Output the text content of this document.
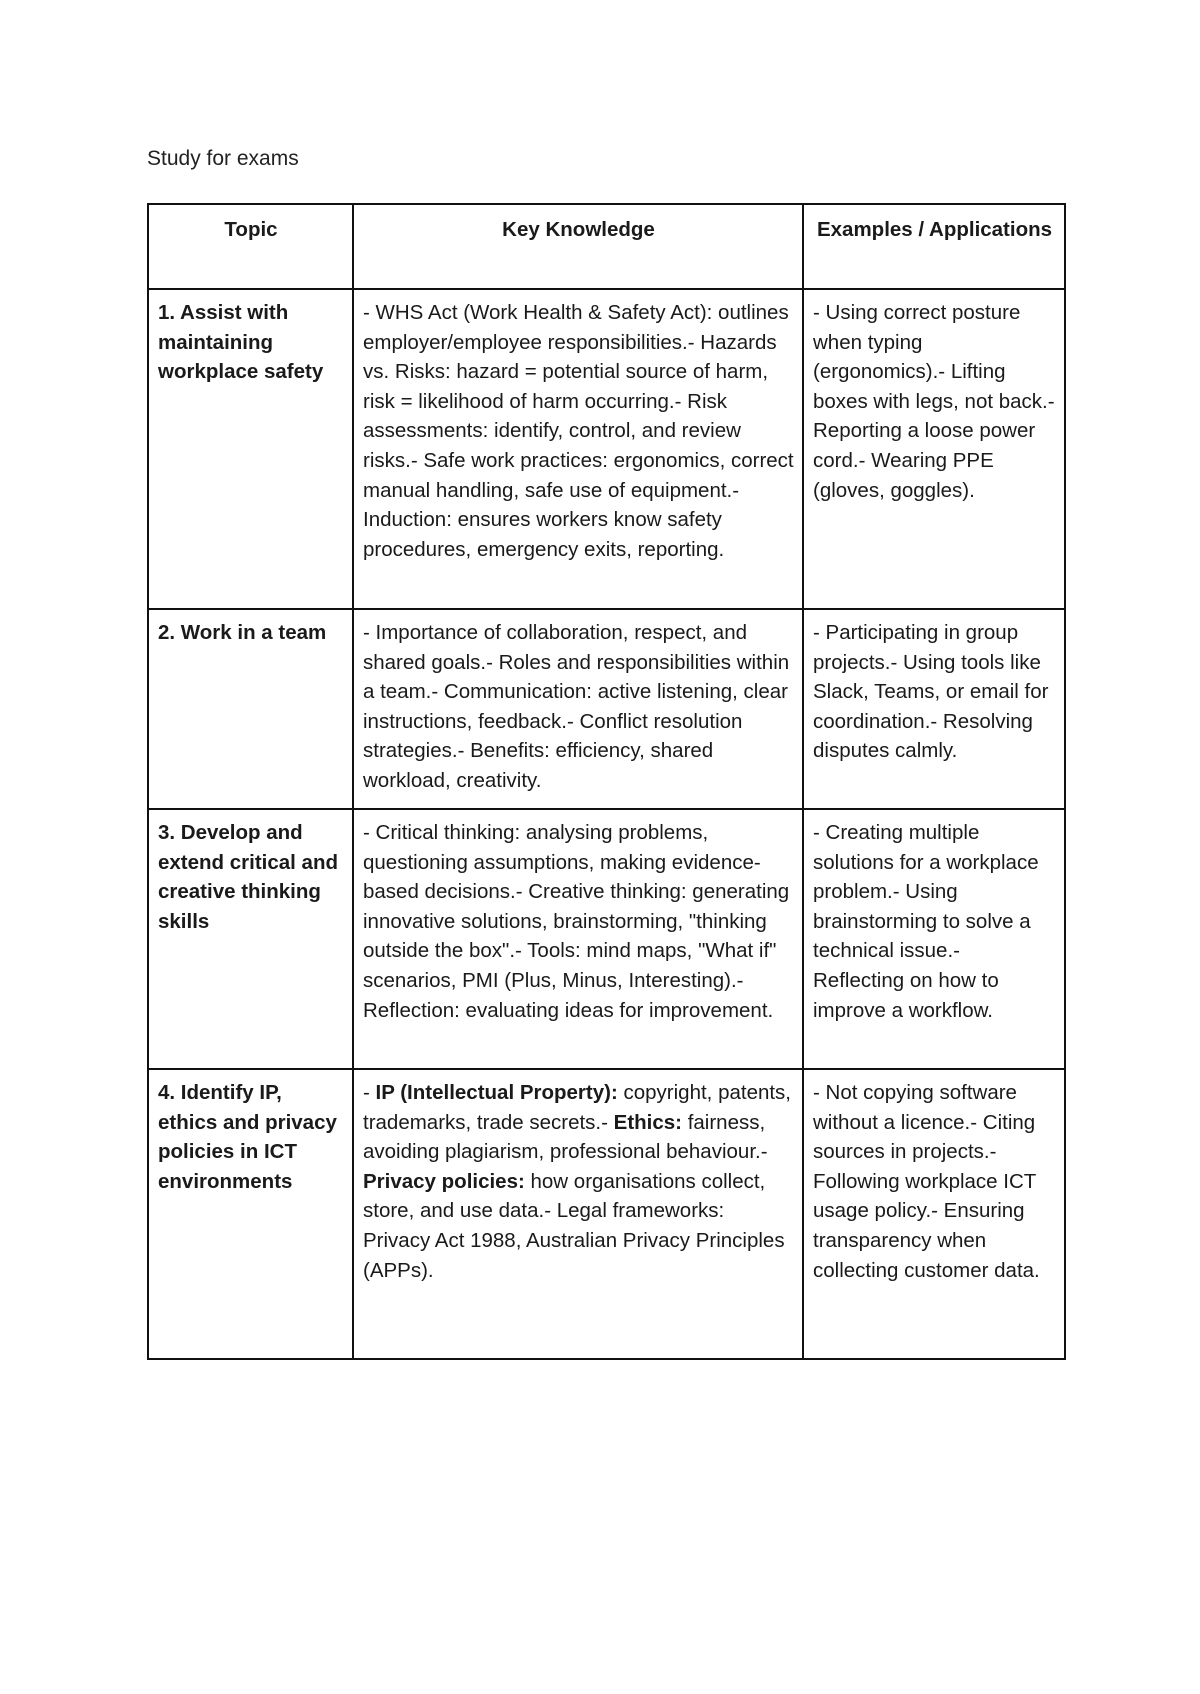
Study for exams
Topic	Key Knowledge	Examples / Applications
1. Assist with maintaining workplace safety	- WHS Act (Work Health & Safety Act): outlines employer/employee responsibilities.- Hazards vs. Risks: hazard = potential source of harm, risk = likelihood of harm occurring.- Risk assessments: identify, control, and review risks.- Safe work practices: ergonomics, correct manual handling, safe use of equipment.- Induction: ensures workers know safety procedures, emergency exits, reporting.	- Using correct posture when typing (ergonomics).- Lifting boxes with legs, not back.- Reporting a loose power cord.- Wearing PPE (gloves, goggles).
2. Work in a team	- Importance of collaboration, respect, and shared goals.- Roles and responsibilities within a team.- Communication: active listening, clear instructions, feedback.- Conflict resolution strategies.- Benefits: efficiency, shared workload, creativity.	- Participating in group projects.- Using tools like Slack, Teams, or email for coordination.- Resolving disputes calmly.
3. Develop and extend critical and creative thinking skills	- Critical thinking: analysing problems, questioning assumptions, making evidence-based decisions.- Creative thinking: generating innovative solutions, brainstorming, "thinking outside the box".- Tools: mind maps, "What if" scenarios, PMI (Plus, Minus, Interesting).- Reflection: evaluating ideas for improvement.	- Creating multiple solutions for a workplace problem.- Using brainstorming to solve a technical issue.- Reflecting on how to improve a workflow.
4. Identify IP, ethics and privacy policies in ICT environments	- IP (Intellectual Property): copyright, patents, trademarks, trade secrets.- Ethics: fairness, avoiding plagiarism, professional behaviour.- Privacy policies: how organisations collect, store, and use data.- Legal frameworks: Privacy Act 1988, Australian Privacy Principles (APPs).	- Not copying software without a licence.- Citing sources in projects.- Following workplace ICT usage policy.- Ensuring transparency when collecting customer data.
